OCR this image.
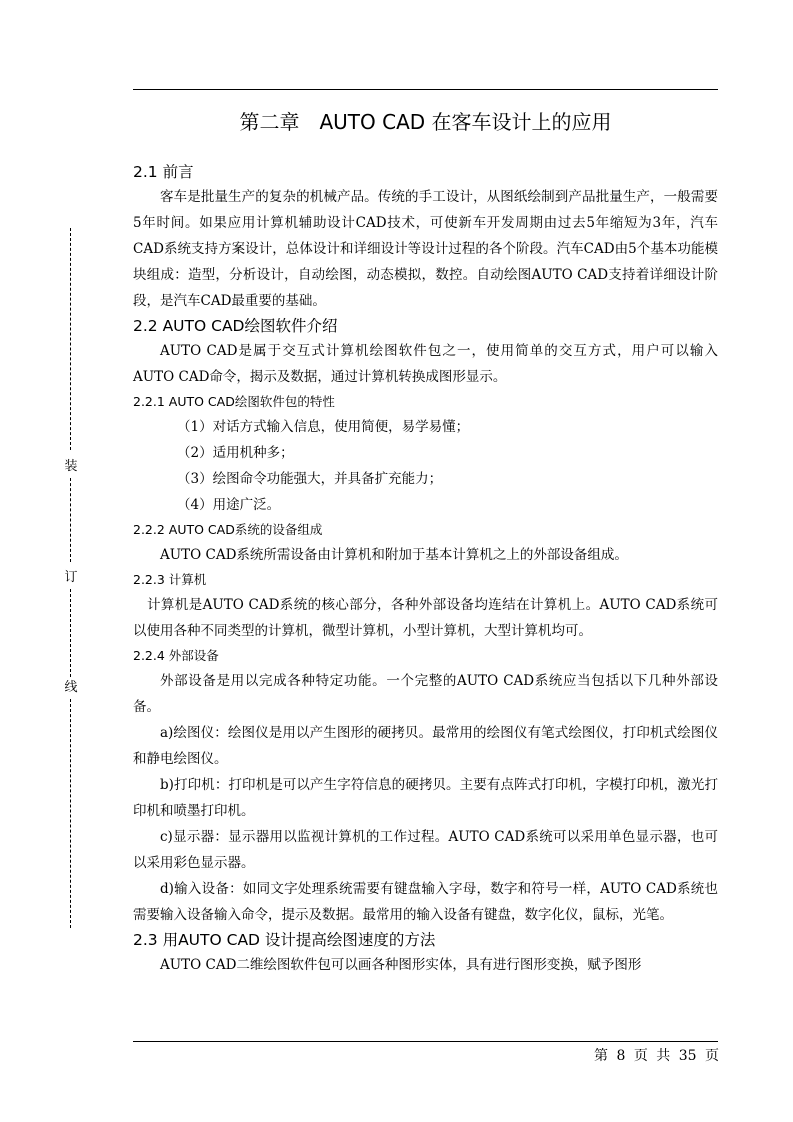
装
订
线
第二章　AUTO CAD 在客车设计上的应用

2.1 前言

客车是批量生产的复杂的机械产品。传统的手工设计，从图纸绘制到产品批量生产，一般需要5年时间。如果应用计算机辅助设计CAD技术，可使新车开发周期由过去5年缩短为3年，汽车CAD系统支持方案设计，总体设计和详细设计等设计过程的各个阶段。汽车CAD由5个基本功能模块组成：造型，分析设计，自动绘图，动态模拟，数控。自动绘图AUTO CAD支持着详细设计阶段，是汽车CAD最重要的基础。

2.2 AUTO CAD绘图软件介绍

AUTO CAD是属于交互式计算机绘图软件包之一，使用简单的交互方式，用户可以输入AUTO CAD命令，揭示及数据，通过计算机转换成图形显示。

2.2.1 AUTO CAD绘图软件包的特性

（1）对话方式输入信息，使用简便，易学易懂；

（2）适用机种多；

（3）绘图命令功能强大，并具备扩充能力；

（4）用途广泛。

2.2.2 AUTO CAD系统的设备组成

AUTO CAD系统所需设备由计算机和附加于基本计算机之上的外部设备组成。

2.2.3 计算机

计算机是AUTO CAD系统的核心部分，各种外部设备均连结在计算机上。AUTO CAD系统可以使用各种不同类型的计算机，微型计算机，小型计算机，大型计算机均可。

2.2.4 外部设备

外部设备是用以完成各种特定功能。一个完整的AUTO CAD系统应当包括以下几种外部设备。

a)绘图仪：绘图仪是用以产生图形的硬拷贝。最常用的绘图仪有笔式绘图仪，打印机式绘图仪和静电绘图仪。

b)打印机：打印机是可以产生字符信息的硬拷贝。主要有点阵式打印机，字模打印机，激光打印机和喷墨打印机。

c)显示器：显示器用以监视计算机的工作过程。AUTO CAD系统可以采用单色显示器，也可以采用彩色显示器。

d)输入设备：如同文字处理系统需要有键盘输入字母，数字和符号一样，AUTO CAD系统也需要输入设备输入命令，提示及数据。最常用的输入设备有键盘，数字化仪，鼠标，光笔。

2.3 用AUTO CAD 设计提高绘图速度的方法

AUTO CAD二维绘图软件包可以画各种图形实体，具有进行图形变换，赋予图形

第 8 页 共 35 页
